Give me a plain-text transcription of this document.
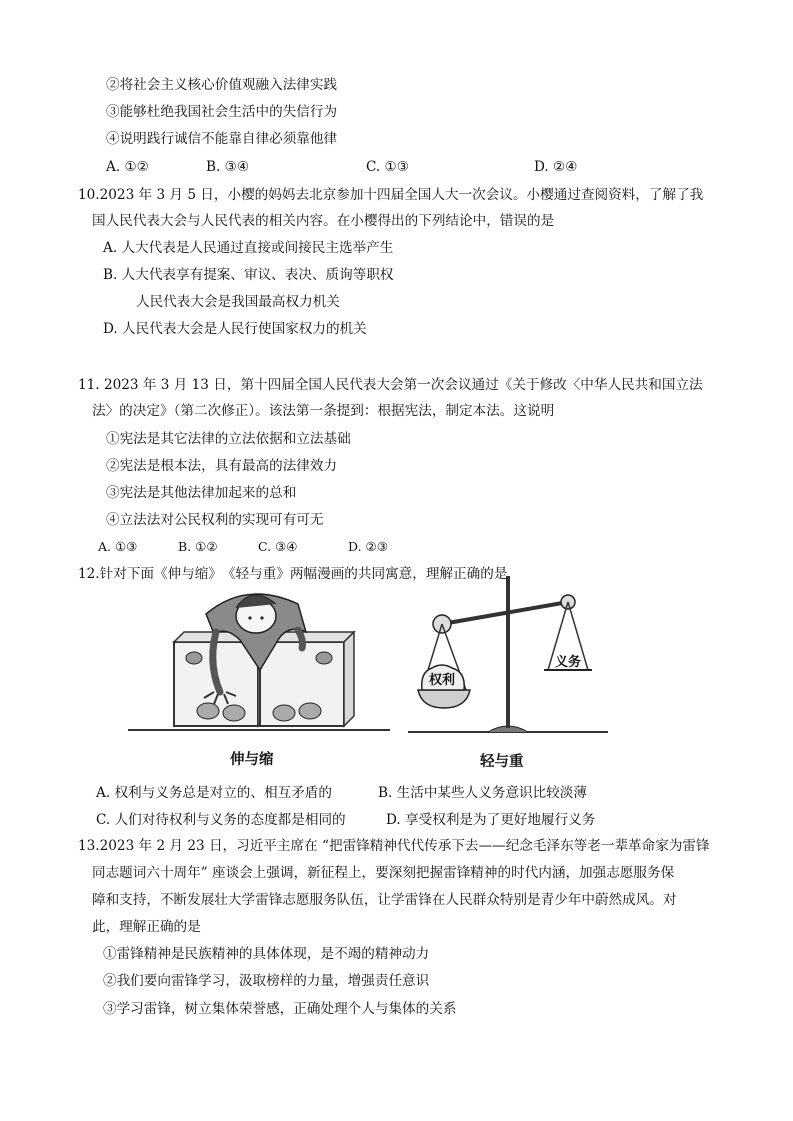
②将社会主义核心价值观融入法律实践
③能够杜绝我国社会生活中的失信行为
④说明践行诚信不能靠自律必须靠他律
A. ①②	B. ③④	C. ①③	D. ②④
10.2023 年 3 月 5 日，小樱的妈妈去北京参加十四届全国人大一次会议。小樱通过查阅资料，了解了我
国人民代表大会与人民代表的相关内容。在小樱得出的下列结论中，错误的是
A. 人大代表是人民通过直接或间接民主选举产生
B. 人大代表享有提案、审议、表决、质询等职权
人民代表大会是我国最高权力机关
D. 人民代表大会是人民行使国家权力的机关
11. 2023 年 3 月 13 日，第十四届全国人民代表大会第一次会议通过《关于修改〈中华人民共和国立法
法〉的决定》（第二次修正）。该法第一条提到：根据宪法，制定本法。这说明
①宪法是其它法律的立法依据和立法基础
②宪法是根本法，具有最高的法律效力
③宪法是其他法律加起来的总和
④立法法对公民权利的实现可有可无
A. ①③	B. ①②	C. ③④	D. ②③
12.针对下面《伸与缩》　《轻与重》两幅漫画的共同寓意，理解正确的是
伸与缩
权利
义务
轻与重
A. 权利与义务总是对立的、相互矛盾的	B. 生活中某些人义务意识比较淡薄
C. 人们对待权利与义务的态度都是相同的	D. 享受权利是为了更好地履行义务
13.2023 年 2 月 23 日，习近平主席在 “把雷锋精神代代传承下去——纪念毛泽东等老一辈革命家为雷锋
同志题词六十周年” 座谈会上强调，新征程上，要深刻把握雷锋精神的时代内涵，加强志愿服务保
障和支持，不断发展壮大学雷锋志愿服务队伍，让学雷锋在人民群众特别是青少年中蔚然成风。对
此，理解正确的是
①雷锋精神是民族精神的具体体现，是不竭的精神动力
②我们要向雷锋学习，汲取榜样的力量，增强责任意识
③学习雷锋，树立集体荣誉感，正确处理个人与集体的关系
